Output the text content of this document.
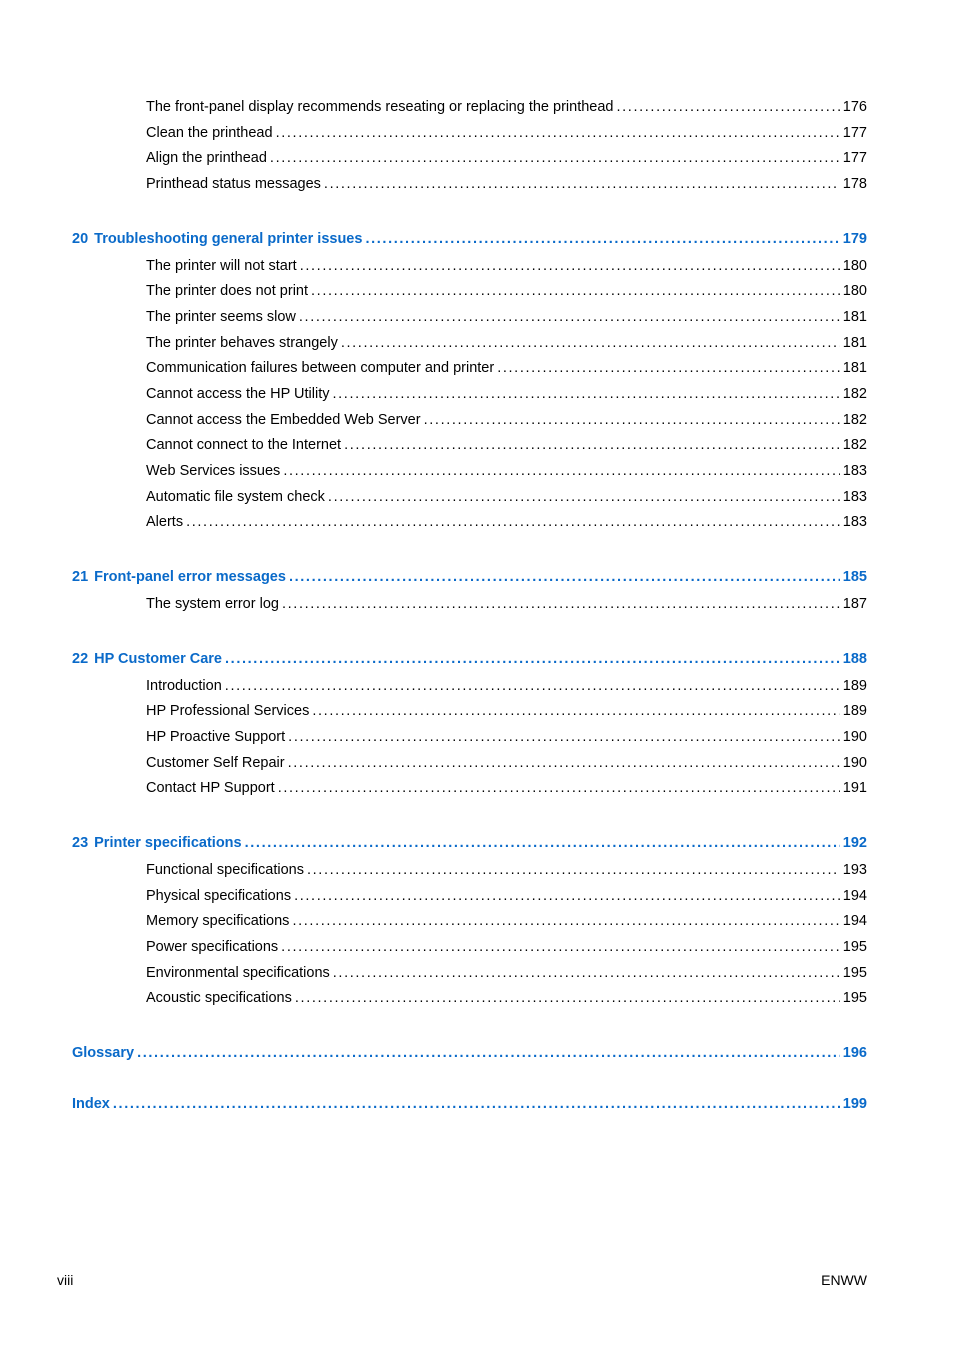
The front-panel display recommends reseating or replacing the printhead . . .	176
Clean the printhead . . .	177
Align the printhead . . .	177
Printhead status messages . . .	178
20 Troubleshooting general printer issues . . .	179
The printer will not start . . .	180
The printer does not print . . .	180
The printer seems slow . . .	181
The printer behaves strangely . . .	181
Communication failures between computer and printer . . .	181
Cannot access the HP Utility . . .	182
Cannot access the Embedded Web Server . . .	182
Cannot connect to the Internet . . .	182
Web Services issues . . .	183
Automatic file system check . . .	183
Alerts . . .	183
21 Front-panel error messages . . .	185
The system error log . . .	187
22 HP Customer Care . . .	188
Introduction . . .	189
HP Professional Services . . .	189
HP Proactive Support . . .	190
Customer Self Repair . . .	190
Contact HP Support . . .	191
23 Printer specifications . . .	192
Functional specifications . . .	193
Physical specifications . . .	194
Memory specifications . . .	194
Power specifications . . .	195
Environmental specifications . . .	195
Acoustic specifications . . .	195
Glossary . . .	196
Index . . .	199
viii	ENWW
